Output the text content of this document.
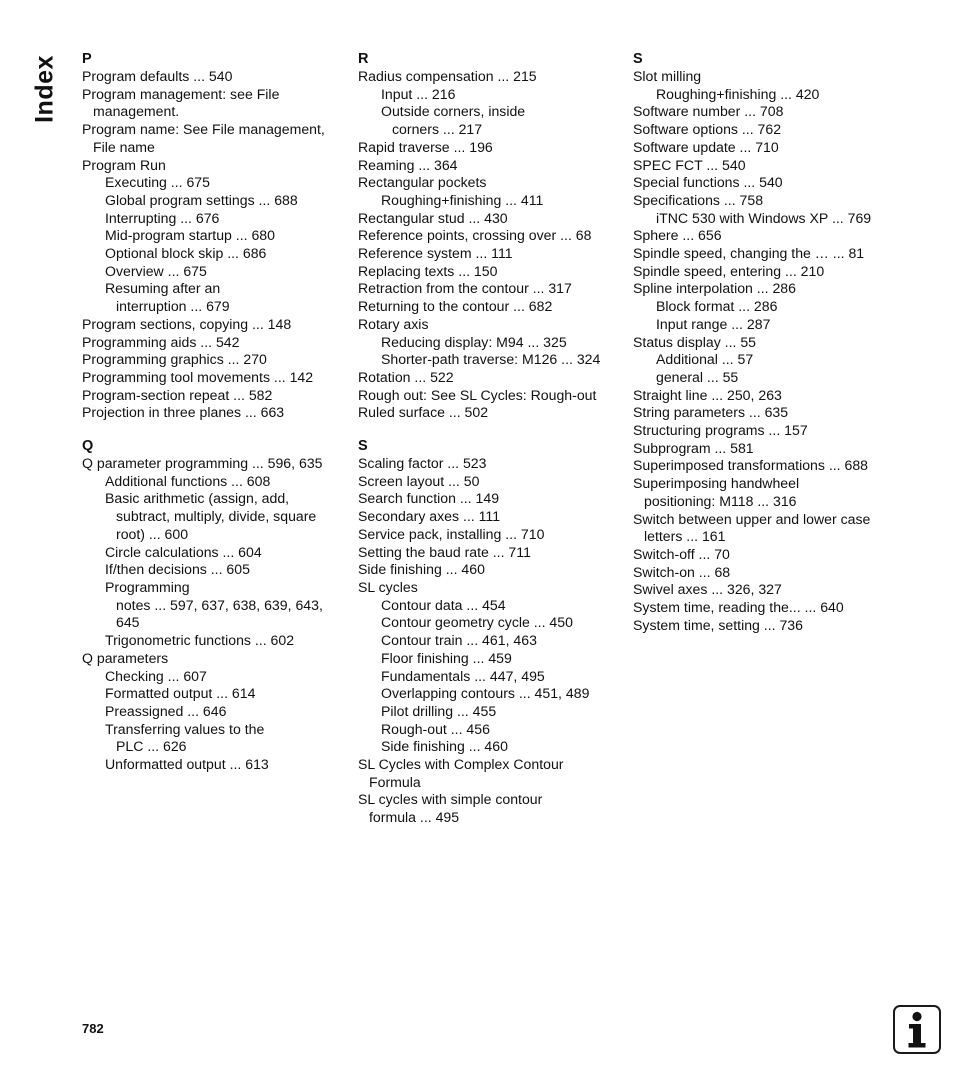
Index P
Program defaults ... 540
Program management: see File
management.
Program name: See File management,
File name
Program Run
Executing ... 675
Global program settings ... 688
Interrupting ... 676
Mid-program startup ... 680
Optional block skip ... 686
Overview ... 675
Resuming after an
interruption ... 679
Program sections, copying ... 148
Programming aids ... 542
Programming graphics ... 270
Programming tool movements ... 142
Program-section repeat ... 582
Projection in three planes ... 663
Q
Q parameter programming ... 596, 635
Additional functions ... 608
Basic arithmetic (assign, add,
subtract, multiply, divide, square
root) ... 600
Circle calculations ... 604
If/then decisions ... 605
Programming
notes ... 597, 637, 638, 639, 643,
645
Trigonometric functions ... 602
Q parameters
Checking ... 607
Formatted output ... 614
Preassigned ... 646
Transferring values to the
PLC ... 626
Unformatted output ... 613
R
Radius compensation ... 215
Input ... 216
Outside corners, inside
corners ... 217
Rapid traverse ... 196
Reaming ... 364
Rectangular pockets
Roughing+finishing ... 411
Rectangular stud ... 430
Reference points, crossing over ... 68
Reference system ... 111
Replacing texts ... 150
Retraction from the contour ... 317
Returning to the contour ... 682
Rotary axis
Reducing display: M94 ... 325
Shorter-path traverse: M126 ... 324
Rotation ... 522
Rough out: See SL Cycles: Rough-out
Ruled surface ... 502
S
Scaling factor ... 523
Screen layout ... 50
Search function ... 149
Secondary axes ... 111
Service pack, installing ... 710
Setting the baud rate ... 711
Side finishing ... 460
SL cycles
Contour data ... 454
Contour geometry cycle ... 450
Contour train ... 461, 463
Floor finishing ... 459
Fundamentals ... 447, 495
Overlapping contours ... 451, 489
Pilot drilling ... 455
Rough-out ... 456
Side finishing ... 460
SL Cycles with Complex Contour
Formula
SL cycles with simple contour
formula ... 495
S
Slot milling
Roughing+finishing ... 420
Software number ... 708
Software options ... 762
Software update ... 710
SPEC FCT ... 540
Special functions ... 540
Specifications ... 758
iTNC 530 with Windows XP ... 769
Sphere ... 656
Spindle speed, changing the … ... 81
Spindle speed, entering ... 210
Spline interpolation ... 286
Block format ... 286
Input range ... 287
Status display ... 55
Additional ... 57
general ... 55
Straight line ... 250, 263
String parameters ... 635
Structuring programs ... 157
Subprogram ... 581
Superimposed transformations ... 688
Superimposing handwheel
positioning: M118 ... 316
Switch between upper and lower case
letters ... 161
Switch-off ... 70
Switch-on ... 68
Swivel axes ... 326, 327
System time, reading the... ... 640
System time, setting ... 736
782
